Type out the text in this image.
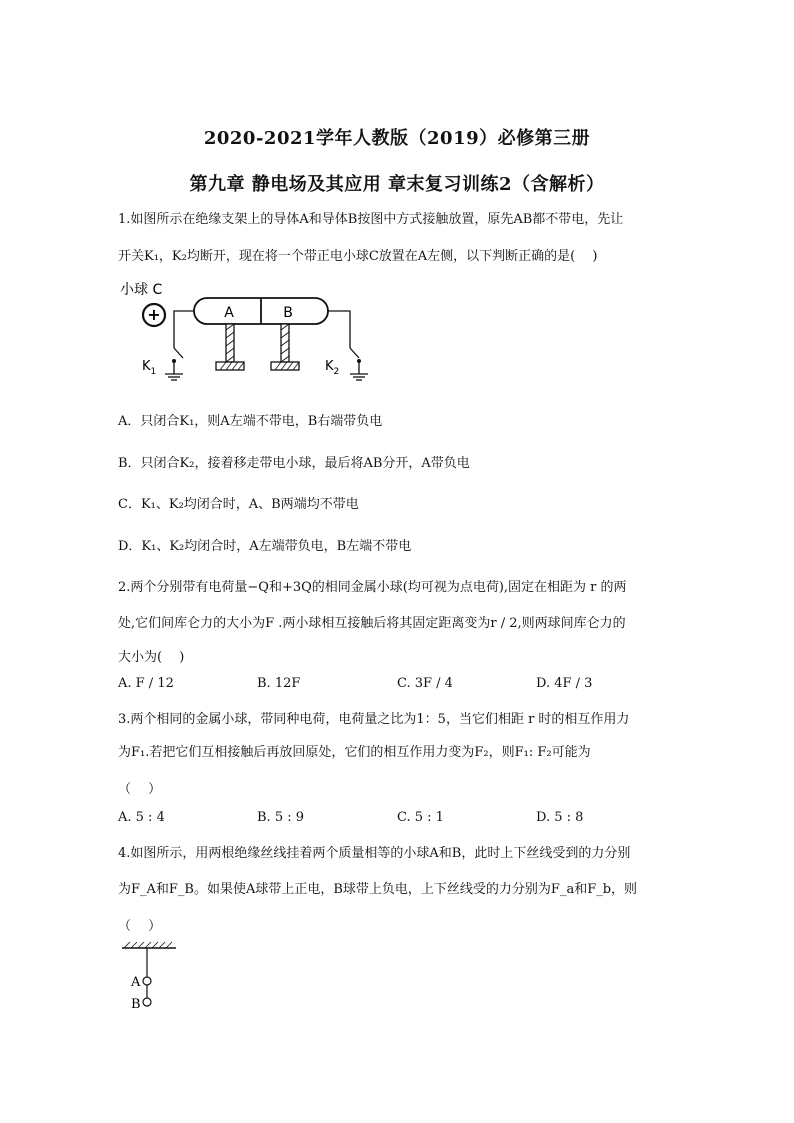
2020-2021学年人教版（2019）必修第三册
第九章 静电场及其应用 章末复习训练2（含解析）
1.如图所示在绝缘支架上的导体A和导体B按图中方式接触放置，原先AB都不带电，先让
开关K₁，K₂均断开，现在将一个带正电小球C放置在A左侧，以下判断正确的是(　 )
小球 C
+	A	B
$K_1$	$K_2$
A．只闭合K₁，则A左端不带电，B右端带负电
B．只闭合K₂，接着移走带电小球，最后将AB分开，A带负电
C．K₁、K₂均闭合时，A、B两端均不带电
D．K₁、K₂均闭合时，A左端带负电，B左端不带电
2.两个分别带有电荷量−Q和+3Q的相同金属小球(均可视为点电荷),固定在相距为 r 的两
处,它们间库仑力的大小为F .两小球相互接触后将其固定距离变为r / 2,则两球间库仑力的
大小为(　 )
A. F / 12	B. 12F	C. 3F / 4	D. 4F / 3
3.两个相同的金属小球，带同种电荷，电荷量之比为1：5，当它们相距 r 时的相互作用力
为F₁.若把它们互相接触后再放回原处，它们的相互作用力变为F₂，则F₁: F₂可能为
（　 ）
A. 5 : 4	B. 5 : 9	C. 5 : 1	D. 5 : 8
4.如图所示，用两根绝缘丝线挂着两个质量相等的小球A和B，此时上下丝线受到的力分别
为F_A和F_B。如果使A球带上正电，B球带上负电，上下丝线受的力分别为F_a和F_b，则
（　 ）
A
B
